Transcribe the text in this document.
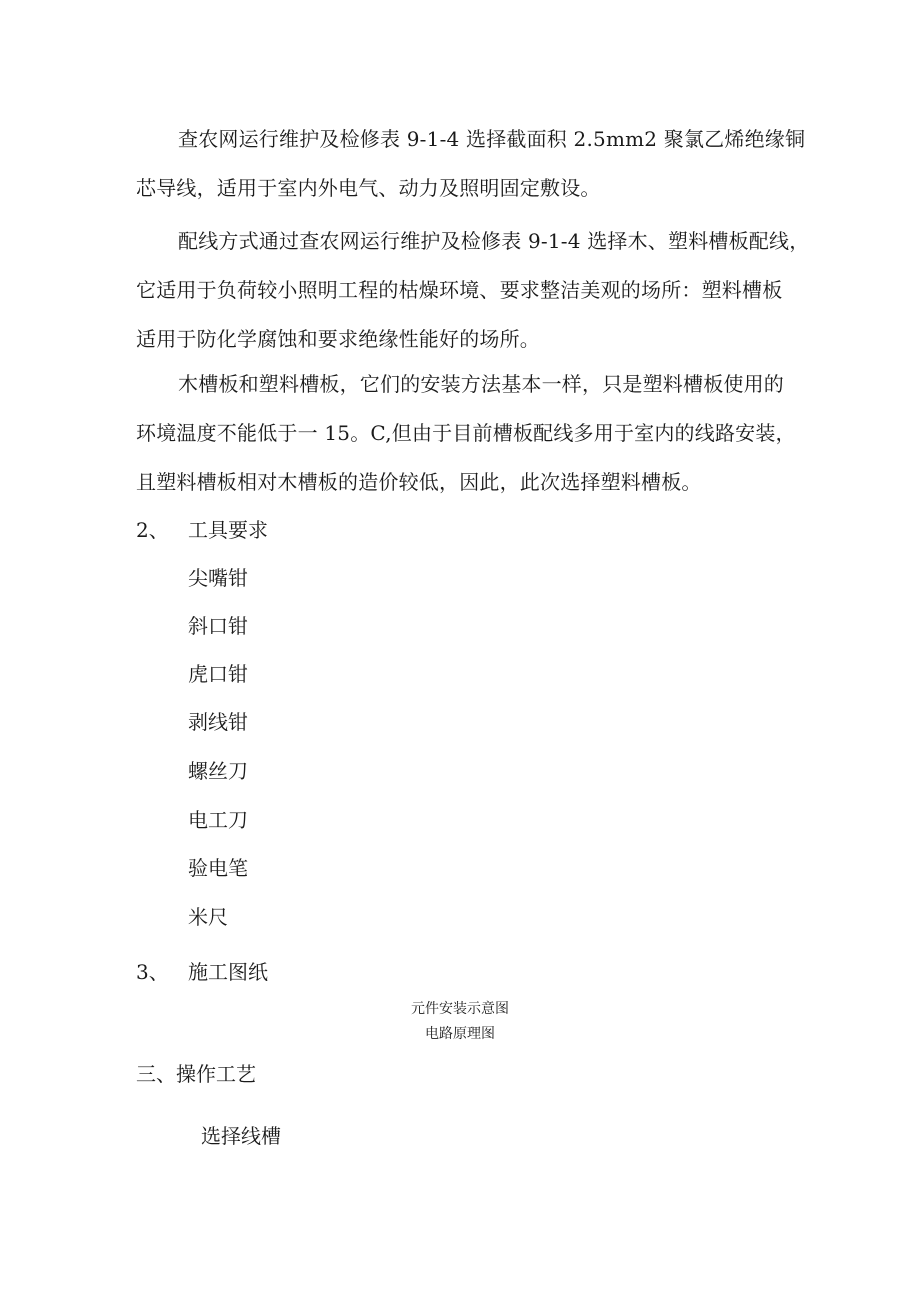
查农网运行维护及检修表 9-1-4 选择截面积 2.5mm2 聚氯乙烯绝缘铜
芯导线，适用于室内外电气、动力及照明固定敷设。
配线方式通过查农网运行维护及检修表 9-1-4 选择木、塑料槽板配线，
它适用于负荷较小照明工程的枯燥环境、要求整洁美观的场所：塑料槽板
适用于防化学腐蚀和要求绝缘性能好的场所。
木槽板和塑料槽板，它们的安装方法基本一样，只是塑料槽板使用的
环境温度不能低于一 15。C,但由于目前槽板配线多用于室内的线路安装，
且塑料槽板相对木槽板的造价较低，因此，此次选择塑料槽板。
2、 工具要求
尖嘴钳
斜口钳
虎口钳
剥线钳
螺丝刀
电工刀
验电笔
米尺
3、 施工图纸
元件安装示意图
电路原理图
三、操作工艺
选择线槽
